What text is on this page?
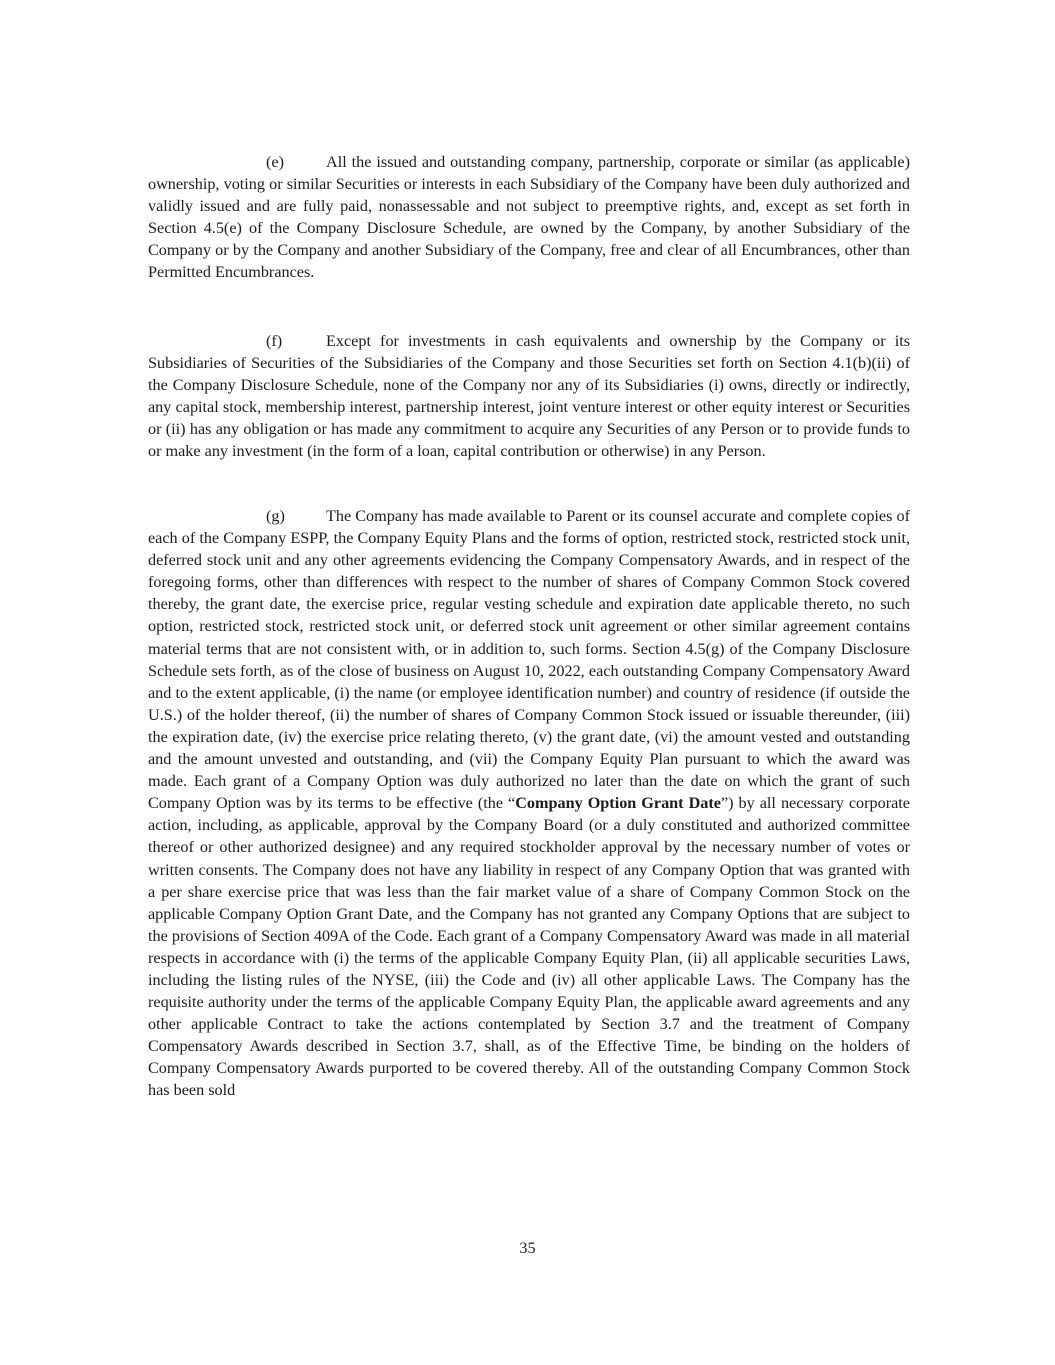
(e)	All the issued and outstanding company, partnership, corporate or similar (as applicable) ownership, voting or similar Securities or interests in each Subsidiary of the Company have been duly authorized and validly issued and are fully paid, nonassessable and not subject to preemptive rights, and, except as set forth in Section 4.5(e) of the Company Disclosure Schedule, are owned by the Company, by another Subsidiary of the Company or by the Company and another Subsidiary of the Company, free and clear of all Encumbrances, other than Permitted Encumbrances.

(f)	Except for investments in cash equivalents and ownership by the Company or its Subsidiaries of Securities of the Subsidiaries of the Company and those Securities set forth on Section 4.1(b)(ii) of the Company Disclosure Schedule, none of the Company nor any of its Subsidiaries (i) owns, directly or indirectly, any capital stock, membership interest, partnership interest, joint venture interest or other equity interest or Securities or (ii) has any obligation or has made any commitment to acquire any Securities of any Person or to provide funds to or make any investment (in the form of a loan, capital contribution or otherwise) in any Person.

(g)	The Company has made available to Parent or its counsel accurate and complete copies of each of the Company ESPP, the Company Equity Plans and the forms of option, restricted stock, restricted stock unit, deferred stock unit and any other agreements evidencing the Company Compensatory Awards, and in respect of the foregoing forms, other than differences with respect to the number of shares of Company Common Stock covered thereby, the grant date, the exercise price, regular vesting schedule and expiration date applicable thereto, no such option, restricted stock, restricted stock unit, or deferred stock unit agreement or other similar agreement contains material terms that are not consistent with, or in addition to, such forms. Section 4.5(g) of the Company Disclosure Schedule sets forth, as of the close of business on August 10, 2022, each outstanding Company Compensatory Award and to the extent applicable, (i) the name (or employee identification number) and country of residence (if outside the U.S.) of the holder thereof, (ii) the number of shares of Company Common Stock issued or issuable thereunder, (iii) the expiration date, (iv) the exercise price relating thereto, (v) the grant date, (vi) the amount vested and outstanding and the amount unvested and outstanding, and (vii) the Company Equity Plan pursuant to which the award was made. Each grant of a Company Option was duly authorized no later than the date on which the grant of such Company Option was by its terms to be effective (the “Company Option Grant Date”) by all necessary corporate action, including, as applicable, approval by the Company Board (or a duly constituted and authorized committee thereof or other authorized designee) and any required stockholder approval by the necessary number of votes or written consents. The Company does not have any liability in respect of any Company Option that was granted with a per share exercise price that was less than the fair market value of a share of Company Common Stock on the applicable Company Option Grant Date, and the Company has not granted any Company Options that are subject to the provisions of Section 409A of the Code. Each grant of a Company Compensatory Award was made in all material respects in accordance with (i) the terms of the applicable Company Equity Plan, (ii) all applicable securities Laws, including the listing rules of the NYSE, (iii) the Code and (iv) all other applicable Laws. The Company has the requisite authority under the terms of the applicable Company Equity Plan, the applicable award agreements and any other applicable Contract to take the actions contemplated by Section 3.7 and the treatment of Company Compensatory Awards described in Section 3.7, shall, as of the Effective Time, be binding on the holders of Company Compensatory Awards purported to be covered thereby. All of the outstanding Company Common Stock has been sold

35
